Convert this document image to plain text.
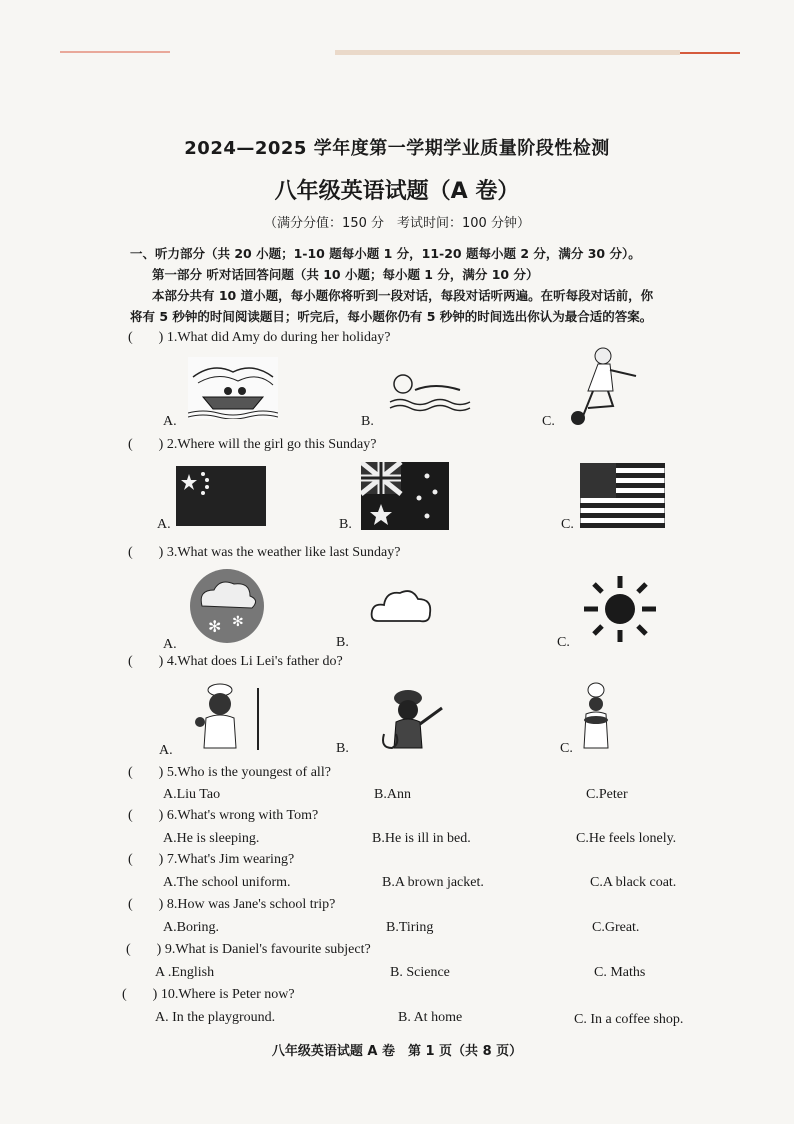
2024—2025 学年度第一学期学业质量阶段性检测
八年级英语试题（A 卷）
（满分分值：150 分　考试时间：100 分钟）
一、听力部分（共 20 小题；1-10 题每小题 1 分，11-20 题每小题 2 分，满分 30 分）。
第一部分 听对话回答问题（共 10 小题；每小题 1 分，满分 10 分）
本部分共有 10 道小题，每小题你将听到一段对话，每段对话听两遍。在听每段对话前，你
将有 5 秒钟的时间阅读题目；听完后，每小题你仍有 5 秒钟的时间选出你认为最合适的答案。
( ) 1.What did Amy do during her holiday?
A.	B.	C.
( ) 2.Where will the girl go this Sunday?
A.	B.	C.
( ) 3.What was the weather like last Sunday?
✻ ✻
A.	B.	C.
( ) 4.What does Li Lei's father do?
A.	B.	C.
( ) 5.Who is the youngest of all?
A.Liu Tao	B.Ann	C.Peter
( ) 6.What's wrong with Tom?
A.He is sleeping.	B.He is ill in bed.	C.He feels lonely.
( ) 7.What's Jim wearing?
A.The school uniform.	B.A brown jacket.	C.A black coat.
( ) 8.How was Jane's school trip?
A.Boring.	B.Tiring	C.Great.
( ) 9.What is Daniel's favourite subject?
A .English	B. Science	C. Maths
( ) 10.Where is Peter now?
A. In the playground.	B. At home	C. In a coffee shop.
八年级英语试题 A 卷　第 1 页（共 8 页）
